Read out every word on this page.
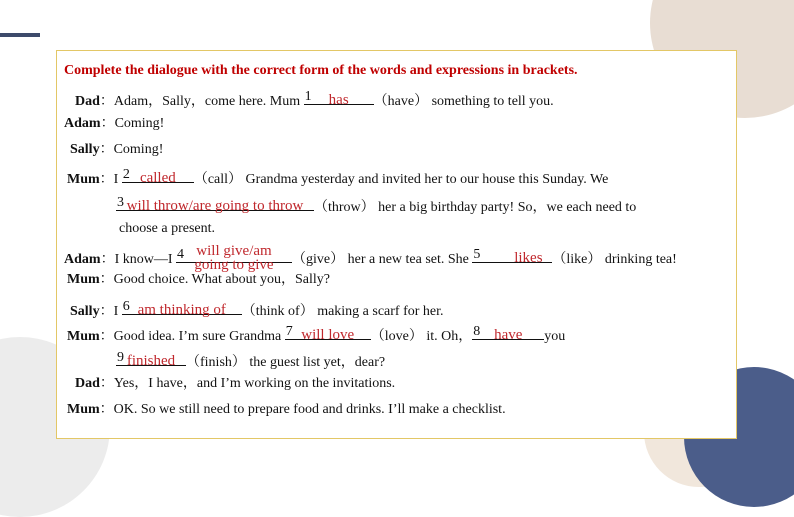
Complete the dialogue with the correct form of the words and expressions in brackets.
Dad：Adam，Sally，come here. Mum 1	has	（have） something to tell you.
Adam：Coming!
Sally：Coming!
Mum：I 2 called	（call） Grandma yesterday and invited her to our house this Sunday. We
3 will throw/are going to throw （throw） her a big birthday party! So，we each need to
choose a present.
Adam：I know—I 4 will give/am
going to give	（give） her a new tea set. She 5	likes （like） drinking tea!
Mum：Good choice. What about you，Sally?
Sally：I 6 am thinking of	（think of） making a scarf for her.
Mum：Good idea. I’m sure Grandma 7 will love	（love） it. Oh， 8 have	you
9 finished （finish） the guest list yet，dear?
Dad：Yes，I have，and I’m working on the invitations.
Mum：OK. So we still need to prepare food and drinks. I’ll make a checklist.
